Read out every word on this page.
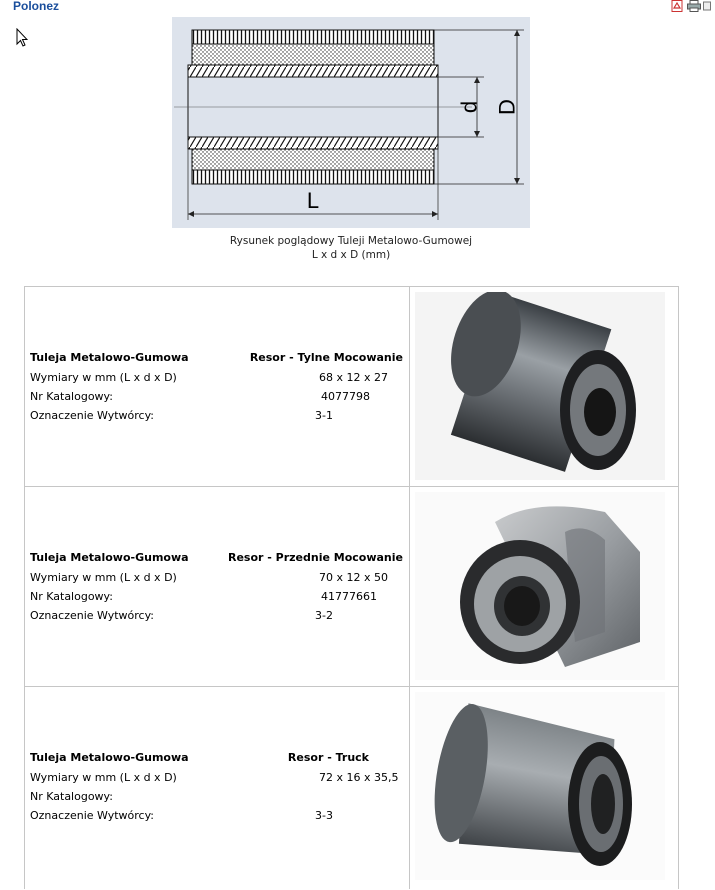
Polonez
d D
L
Rysunek poglądowy Tuleji Metalowo-Gumowej
L x d x D (mm)
Tuleja Metalowo-Gumowa	Resor - Tylne Mocowanie
Wymiary w mm (L x d x D)	68 x 12 x 27
Nr Katalogowy:	4077798
Oznaczenie Wytwórcy:	3-1
Tuleja Metalowo-Gumowa	Resor - Przednie Mocowanie
Wymiary w mm (L x d x D)	70 x 12 x 50
Nr Katalogowy:	41777661
Oznaczenie Wytwórcy:	3-2
Tuleja Metalowo-Gumowa	Resor - Truck
Wymiary w mm (L x d x D)	72 x 16 x 35,5
Nr Katalogowy:
Oznaczenie Wytwórcy:	3-3
